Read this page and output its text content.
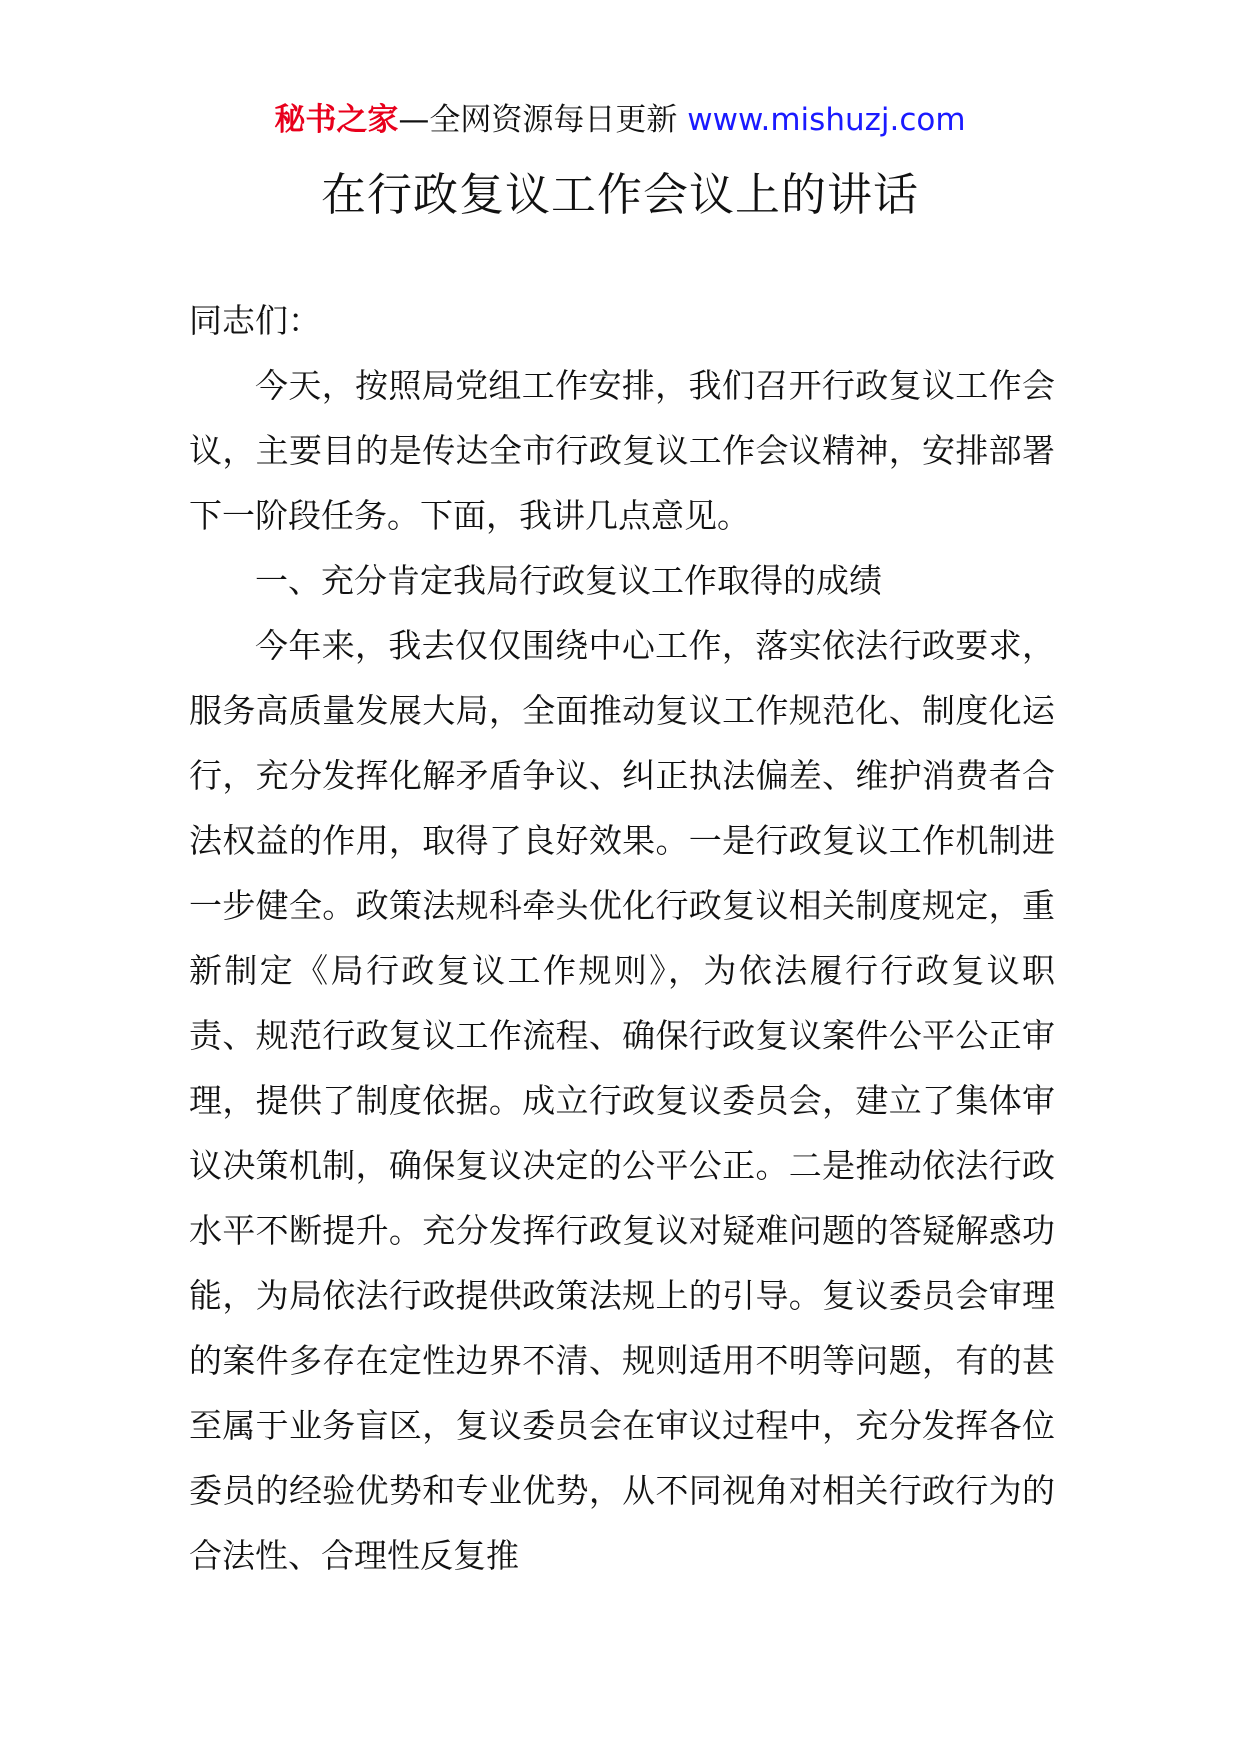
秘书之家—全网资源每日更新 www.mishuzj.com
在行政复议工作会议上的讲话

同志们：

今天，按照局党组工作安排，我们召开行政复议工作会议，主要目的是传达全市行政复议工作会议精神，安排部署下一阶段任务。下面，我讲几点意见。

一、充分肯定我局行政复议工作取得的成绩

今年来，我去仅仅围绕中心工作，落实依法行政要求，服务高质量发展大局，全面推动复议工作规范化、制度化运行，充分发挥化解矛盾争议、纠正执法偏差、维护消费者合法权益的作用，取得了良好效果。一是行政复议工作机制进一步健全。政策法规科牵头优化行政复议相关制度规定，重新制定《局行政复议工作规则》，为依法履行行政复议职责、规范行政复议工作流程、确保行政复议案件公平公正审理，提供了制度依据。成立行政复议委员会，建立了集体审议决策机制，确保复议决定的公平公正。二是推动依法行政水平不断提升。充分发挥行政复议对疑难问题的答疑解惑功能，为局依法行政提供政策法规上的引导。复议委员会审理的案件多存在定性边界不清、规则适用不明等问题，有的甚至属于业务盲区，复议委员会在审议过程中，充分发挥各位委员的经验优势和专业优势，从不同视角对相关行政行为的合法性、合理性反复推
